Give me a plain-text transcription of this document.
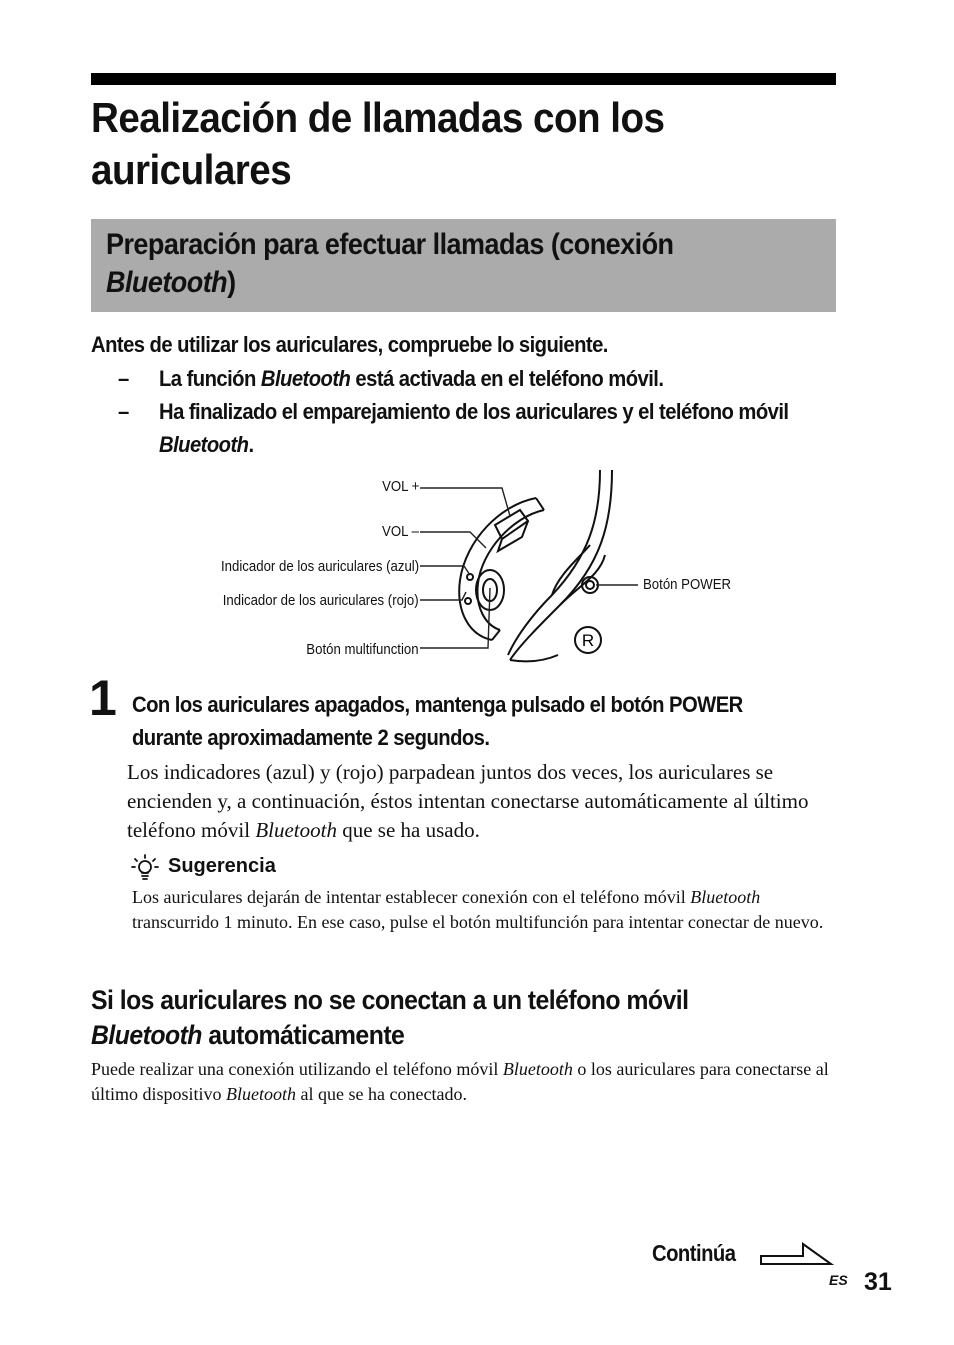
Realización de llamadas con los auriculares
Preparación para efectuar llamadas (conexión Bluetooth)
Antes de utilizar los auriculares, compruebe lo siguiente.
– La función Bluetooth está activada en el teléfono móvil.
– Ha finalizado el emparejamiento de los auriculares y el teléfono móvil Bluetooth.
R
VOL +
VOL –
Indicador de los auriculares (azul)
Indicador de los auriculares (rojo)
Botón multifunction
Botón POWER
1 Con los auriculares apagados, mantenga pulsado el botón POWER durante aproximadamente 2 segundos.
Los indicadores (azul) y (rojo) parpadean juntos dos veces, los auriculares se encienden y, a continuación, éstos intentan conectarse automáticamente al último teléfono móvil Bluetooth que se ha usado.
Sugerencia
Los auriculares dejarán de intentar establecer conexión con el teléfono móvil Bluetooth transcurrido 1 minuto. En ese caso, pulse el botón multifunción para intentar conectar de nuevo.
Si los auriculares no se conectan a un teléfono móvil Bluetooth automáticamente
Puede realizar una conexión utilizando el teléfono móvil Bluetooth o los auriculares para conectarse al último dispositivo Bluetooth al que se ha conectado.
Continúa
ES 31
